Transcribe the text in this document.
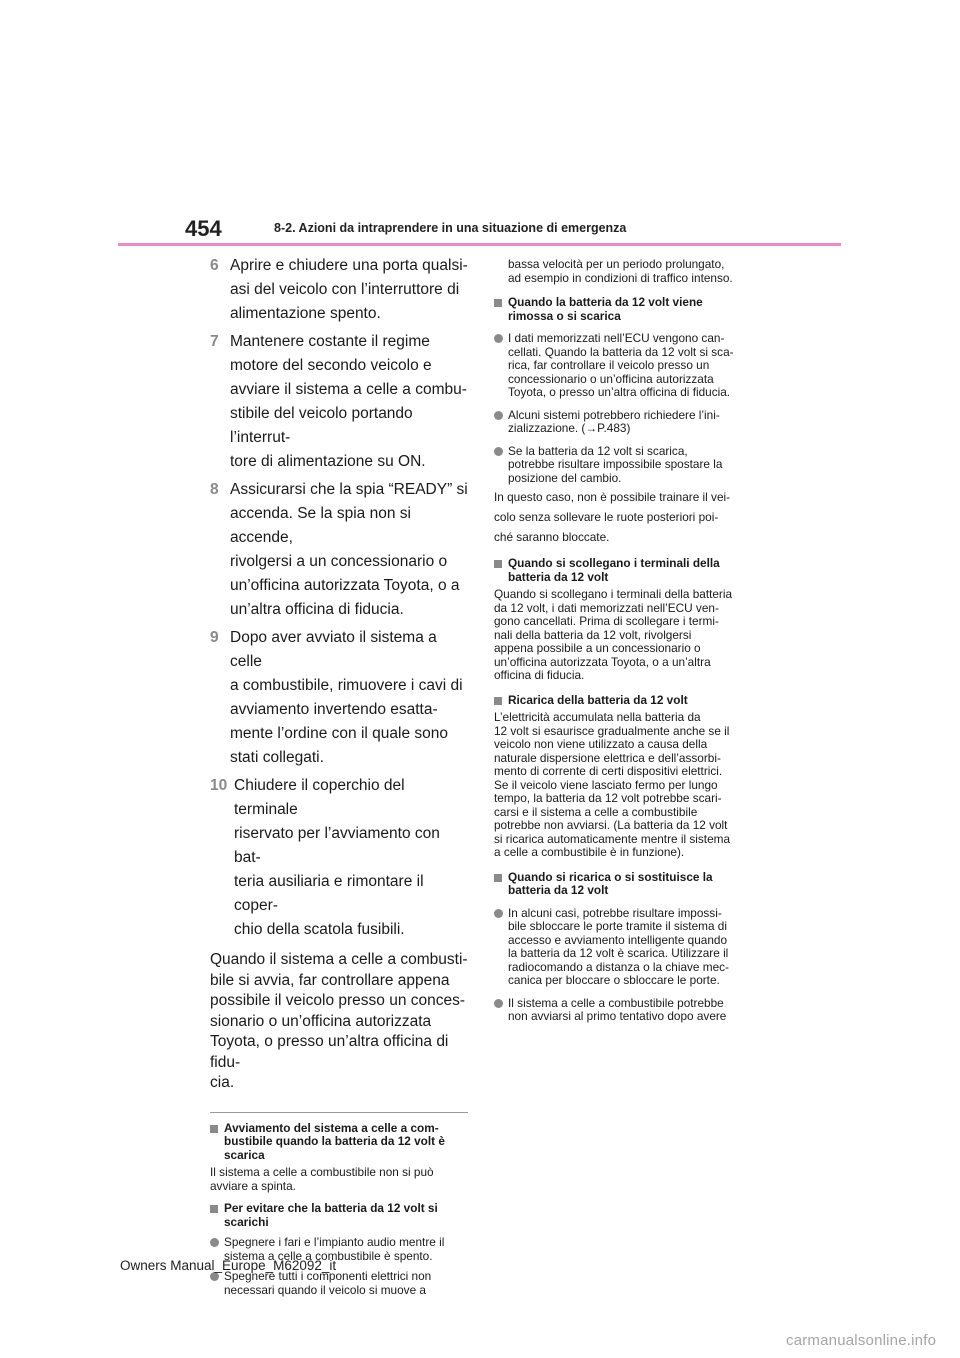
454	8-2. Azioni da intraprendere in una situazione di emergenza
6 Aprire e chiudere una porta qualsi-
asi del veicolo con l’interruttore di
alimentazione spento.
7 Mantenere costante il regime
motore del secondo veicolo e
avviare il sistema a celle a combu-
stibile del veicolo portando l’interrut-
tore di alimentazione su ON.
8 Assicurarsi che la spia “READY” si
accenda. Se la spia non si accende,
rivolgersi a un concessionario o
un’officina autorizzata Toyota, o a
un’altra officina di fiducia.
9 Dopo aver avviato il sistema a celle
a combustibile, rimuovere i cavi di
avviamento invertendo esatta-
mente l’ordine con il quale sono
stati collegati.
10 Chiudere il coperchio del terminale
riservato per l’avviamento con bat-
teria ausiliaria e rimontare il coper-
chio della scatola fusibili.
Quando il sistema a celle a combusti-
bile si avvia, far controllare appena
possibile il veicolo presso un conces-
sionario o un’officina autorizzata
Toyota, o presso un’altra officina di fidu-
cia.
Avviamento del sistema a celle a com-
bustibile quando la batteria da 12 volt è
scarica
Il sistema a celle a combustibile non si può
avviare a spinta.
Per evitare che la batteria da 12 volt si
scarichi
Spegnere i fari e l’impianto audio mentre il
sistema a celle a combustibile è spento.
Spegnere tutti i componenti elettrici non
necessari quando il veicolo si muove a
bassa velocità per un periodo prolungato,
ad esempio in condizioni di traffico intenso.
Quando la batteria da 12 volt viene
rimossa o si scarica
I dati memorizzati nell’ECU vengono can-
cellati. Quando la batteria da 12 volt si sca-
rica, far controllare il veicolo presso un
concessionario o un’officina autorizzata
Toyota, o presso un’altra officina di fiducia.
Alcuni sistemi potrebbero richiedere l’ini-
zializzazione. (→P.483)
Se la batteria da 12 volt si scarica,
potrebbe risultare impossibile spostare la
posizione del cambio.
In questo caso, non è possibile trainare il vei-
colo senza sollevare le ruote posteriori poi-
ché saranno bloccate.
Quando si scollegano i terminali della
batteria da 12 volt
Quando si scollegano i terminali della batteria
da 12 volt, i dati memorizzati nell’ECU ven-
gono cancellati. Prima di scollegare i termi-
nali della batteria da 12 volt, rivolgersi
appena possibile a un concessionario o
un’officina autorizzata Toyota, o a un’altra
officina di fiducia.
Ricarica della batteria da 12 volt
L’elettricità accumulata nella batteria da
12 volt si esaurisce gradualmente anche se il
veicolo non viene utilizzato a causa della
naturale dispersione elettrica e dell’assorbi-
mento di corrente di certi dispositivi elettrici.
Se il veicolo viene lasciato fermo per lungo
tempo, la batteria da 12 volt potrebbe scari-
carsi e il sistema a celle a combustibile
potrebbe non avviarsi. (La batteria da 12 volt
si ricarica automaticamente mentre il sistema
a celle a combustibile è in funzione).
Quando si ricarica o si sostituisce la
batteria da 12 volt
In alcuni casi, potrebbe risultare impossi-
bile sbloccare le porte tramite il sistema di
accesso e avviamento intelligente quando
la batteria da 12 volt è scarica. Utilizzare il
radiocomando a distanza o la chiave mec-
canica per bloccare o sbloccare le porte.
Il sistema a celle a combustibile potrebbe
non avviarsi al primo tentativo dopo avere
Owners Manual_Europe_M62092_it
carmanualsonline.info
